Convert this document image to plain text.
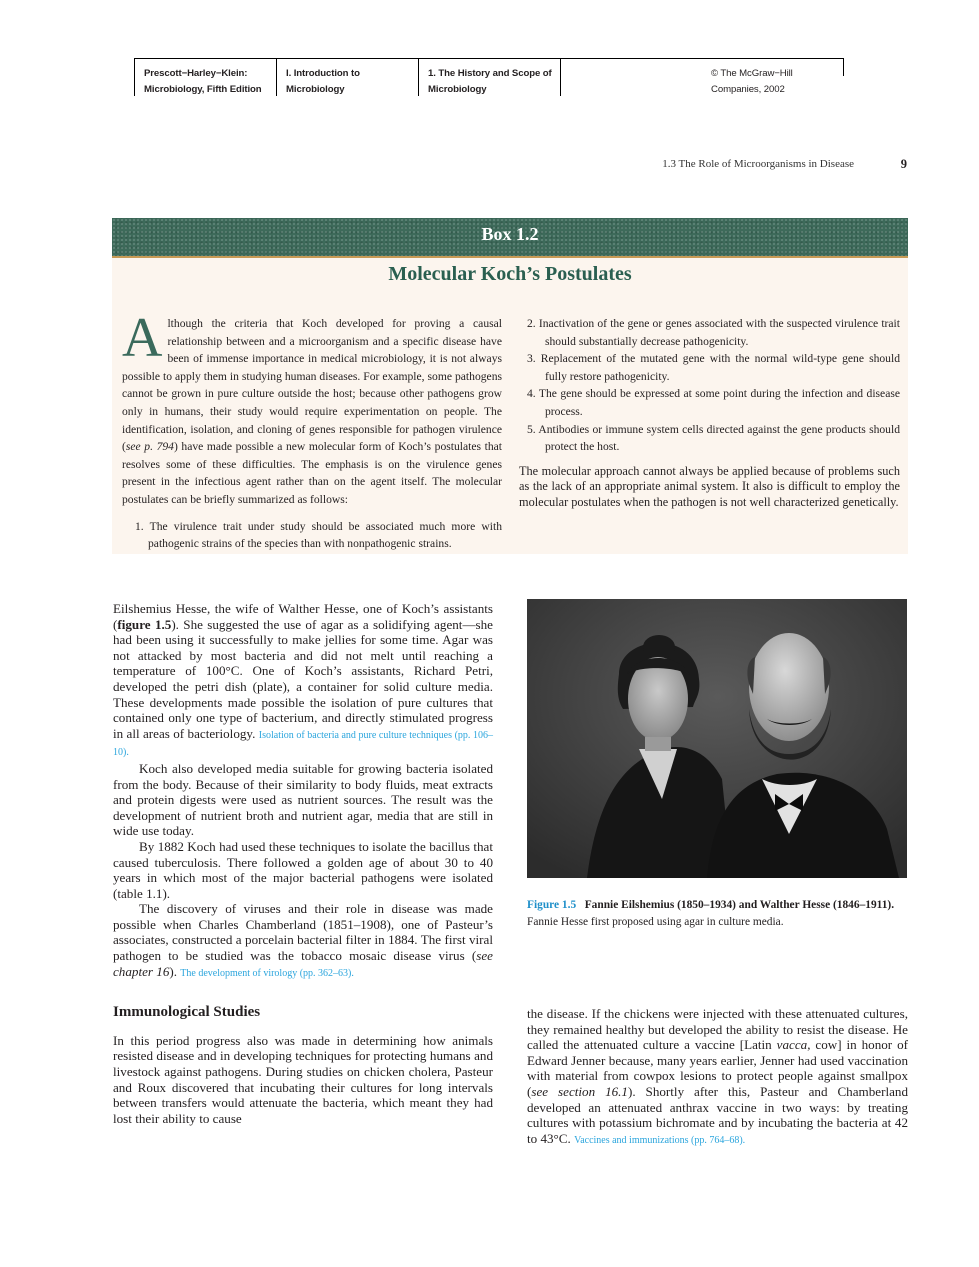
Prescott−Harley−Klein:
Microbiology, Fifth Edition
I. Introduction to
Microbiology
1. The History and Scope of
Microbiology
© The McGraw−Hill
Companies, 2002
1.3 The Role of Microorganisms in Disease	9
Box 1.2
Molecular Koch’s Postulates

Although the criteria that Koch developed for proving a causal relationship between and a microorganism and a specific disease have been of immense importance in medical microbiology, it is not always possible to apply them in studying human diseases. For example, some pathogens cannot be grown in pure culture outside the host; because other pathogens grow only in humans, their study would require experimentation on people. The identification, isolation, and cloning of genes responsible for pathogen virulence (see p. 794) have made possible a new molecular form of Koch’s postulates that resolves some of these difficulties. The emphasis is on the virulence genes present in the infectious agent rather than on the agent itself. The molecular postulates can be briefly summarized as follows:

1. The virulence trait under study should be associated much more with pathogenic strains of the species than with nonpathogenic strains.

2. Inactivation of the gene or genes associated with the suspected virulence trait should substantially decrease pathogenicity.

3. Replacement of the mutated gene with the normal wild-type gene should fully restore pathogenicity.

4. The gene should be expressed at some point during the infection and disease process.

5. Antibodies or immune system cells directed against the gene products should protect the host.

The molecular approach cannot always be applied because of problems such as the lack of an appropriate animal system. It also is difficult to employ the molecular postulates when the pathogen is not well characterized genetically.

Eilshemius Hesse, the wife of Walther Hesse, one of Koch’s assistants (figure 1.5). She suggested the use of agar as a solidifying agent—she had been using it successfully to make jellies for some time. Agar was not attacked by most bacteria and did not melt until reaching a temperature of 100°C. One of Koch’s assistants, Richard Petri, developed the petri dish (plate), a container for solid culture media. These developments made possible the isolation of pure cultures that contained only one type of bacterium, and directly stimulated progress in all areas of bacteriology. Isolation of bacteria and pure culture techniques (pp. 106–10).

Koch also developed media suitable for growing bacteria isolated from the body. Because of their similarity to body fluids, meat extracts and protein digests were used as nutrient sources. The result was the development of nutrient broth and nutrient agar, media that are still in wide use today.

By 1882 Koch had used these techniques to isolate the bacillus that caused tuberculosis. There followed a golden age of about 30 to 40 years in which most of the major bacterial pathogens were isolated (table 1.1).

The discovery of viruses and their role in disease was made possible when Charles Chamberland (1851–1908), one of Pasteur’s associates, constructed a porcelain bacterial filter in 1884. The first viral pathogen to be studied was the tobacco mosaic disease virus (see chapter 16). The development of virology (pp. 362–63).

Immunological Studies

In this period progress also was made in determining how animals resisted disease and in developing techniques for protecting humans and livestock against pathogens. During studies on chicken cholera, Pasteur and Roux discovered that incubating their cultures for long intervals between transfers would attenuate the bacteria, which meant they had lost their ability to cause

Figure 1.5 Fannie Eilshemius (1850–1934) and Walther Hesse (1846–1911). Fannie Hesse first proposed using agar in culture media.

the disease. If the chickens were injected with these attenuated cultures, they remained healthy but developed the ability to resist the disease. He called the attenuated culture a vaccine [Latin vacca, cow] in honor of Edward Jenner because, many years earlier, Jenner had used vaccination with material from cowpox lesions to protect people against smallpox (see section 16.1). Shortly after this, Pasteur and Chamberland developed an attenuated anthrax vaccine in two ways: by treating cultures with potassium bichromate and by incubating the bacteria at 42 to 43°C. Vaccines and immunizations (pp. 764–68).
